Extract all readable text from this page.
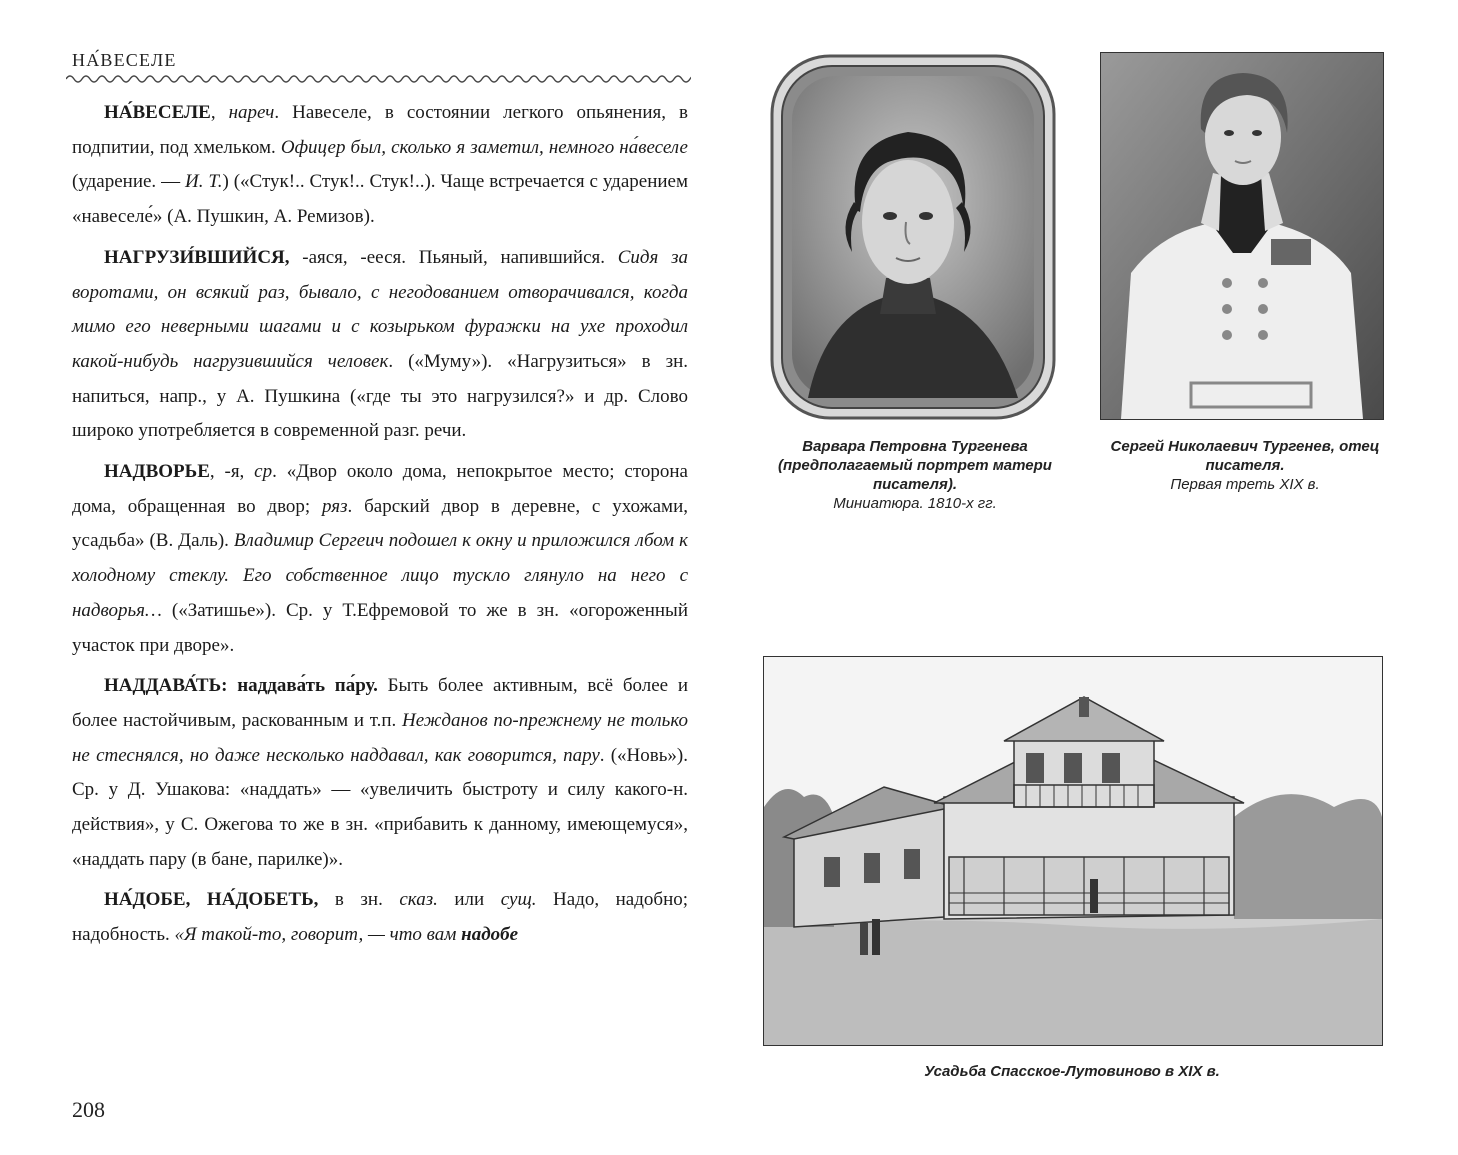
НА́ВЕСЕЛЕ

НА́ВЕСЕЛЕ, нареч. Навеселе, в состоянии легкого опьянения, в подпитии, под хмельком. Офицер был, сколько я заметил, немного на́веселе (ударение. — И. Т.) («Стук!.. Стук!.. Стук!..). Чаще встречается с ударением «навеселе́» (А. Пушкин, А. Ремизов).

НАГРУЗИ́ВШИЙСЯ, -аяся, -ееся. Пьяный, напившийся. Сидя за воротами, он всякий раз, бывало, с негодованием отворачивался, когда мимо его неверными шагами и с козырьком фуражки на ухе проходил какой-нибудь нагрузившийся человек. («Муму»). «Нагрузиться» в зн. напиться, напр., у А. Пушкина («где ты это нагрузился?» и др. Слово широко употребляется в современной разг. речи.

НАДВОРЬЕ, -я, ср. «Двор около дома, непокрытое место; сторона дома, обращенная во двор; ряз. барский двор в деревне, с ухожами, усадьба» (В. Даль). Владимир Сергеич подошел к окну и приложился лбом к холодному стеклу. Его собственное лицо тускло глянуло на него с надворья… («Затишье»). Ср. у Т.Ефремовой то же в зн. «огороженный участок при дворе».

НАДДАВА́ТЬ: наддава́ть па́ру. Быть более активным, всё более и более настойчивым, раскованным и т.п. Нежданов по-прежнему не только не стеснялся, но даже несколько наддавал, как говорится, пару. («Новь»). Ср. у Д. Ушакова: «наддать» — «увеличить быстроту и силу какого-н. действия», у С. Ожегова то же в зн. «прибавить к данному, имеющемуся», «наддать пару (в бане, парилке)».

НА́ДОБЕ, НА́ДОБЕТЬ, в зн. сказ. или сущ. Надо, надобно; надобность. «Я такой-то, говорит, — что вам надобе

208
Варвара Петровна Тургенева (предполагаемый портрет матери писателя).
Миниатюра. 1810-х гг.
Сергей Николаевич Тургенев, отец писателя.
Первая треть XIX в.
Усадьба Спасское-Лутовиново в XIX в.
